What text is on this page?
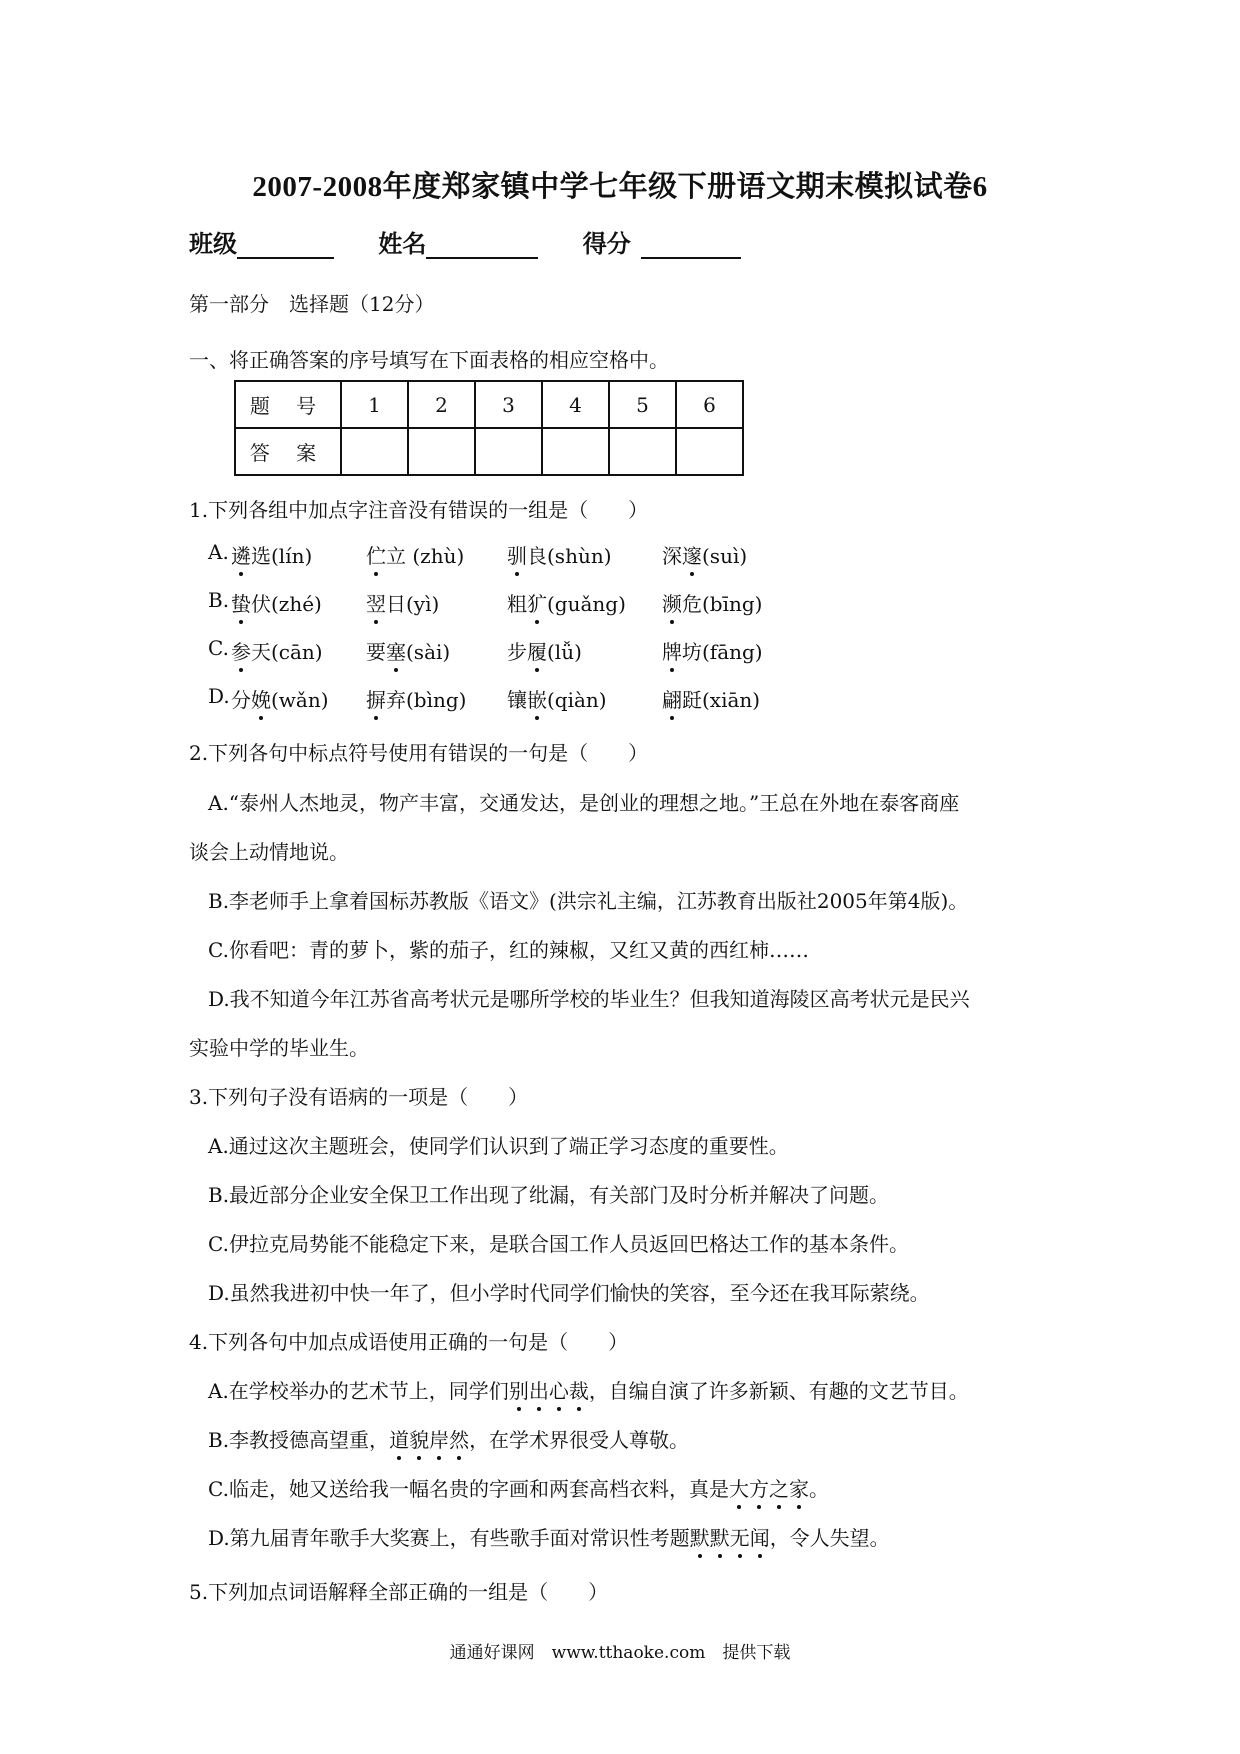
2007-2008年度郑家镇中学七年级下册语文期末模拟试卷6
班级	姓名	得分
第一部分　选择题（12分）
一、将正确答案的序号填写在下面表格的相应空格中。
题 号	1	2	3	4	5	6
答 案						
1.下列各组中加点字注音没有错误的一组是（　　）
A. 遴选(lín)	伫立 (zhù) 驯良(shùn)	深邃(suì)
B. 蛰伏(zhé) 翌日(yì)	粗犷(guǎng) 濒危(bīng)
C. 参天(cān) 要塞(sài)	步履(lǚ)	牌坊(fāng)
D. 分娩(wǎn) 摒弃(bìng) 镶嵌(qiàn)	翩跹(xiān)
2.下列各句中标点符号使用有错误的一句是（　　）
A.“泰州人杰地灵，物产丰富，交通发达，是创业的理想之地。”王总在外地在泰客商座
谈会上动情地说。
B.李老师手上拿着国标苏教版《语文》(洪宗礼主编，江苏教育出版社2005年第4版)。
C.你看吧：青的萝卜，紫的茄子，红的辣椒，又红又黄的西红柿……
D.我不知道今年江苏省高考状元是哪所学校的毕业生？但我知道海陵区高考状元是民兴
实验中学的毕业生。
3.下列句子没有语病的一项是（　　）
A.通过这次主题班会，使同学们认识到了端正学习态度的重要性。
B.最近部分企业安全保卫工作出现了纰漏，有关部门及时分析并解决了问题。
C.伊拉克局势能不能稳定下来，是联合国工作人员返回巴格达工作的基本条件。
D.虽然我进初中快一年了，但小学时代同学们愉快的笑容，至今还在我耳际萦绕。
4.下列各句中加点成语使用正确的一句是（　　）
A.在学校举办的艺术节上，同学们别出心裁，自编自演了许多新颖、有趣的文艺节目。
B.李教授德高望重，道貌岸然，在学术界很受人尊敬。
C.临走，她又送给我一幅名贵的字画和两套高档衣料，真是大方之家。
D.第九届青年歌手大奖赛上，有些歌手面对常识性考题默默无闻，令人失望。
5.下列加点词语解释全部正确的一组是（　　）
通通好课网　www.tthaoke.com　提供下载
